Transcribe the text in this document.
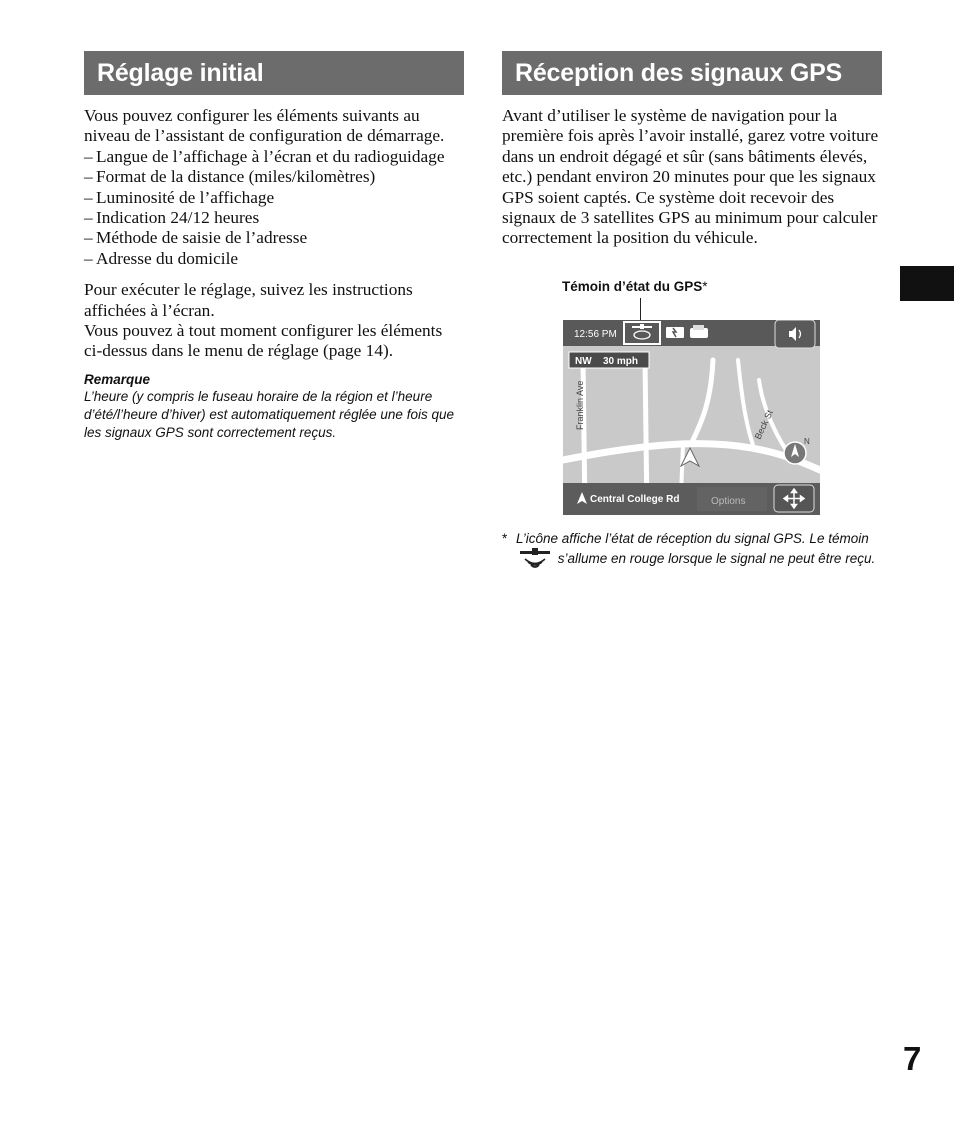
Réglage initial

Vous pouvez configurer les éléments suivants au niveau de l’assistant de configuration de démarrage.

– Langue de l’affichage à l’écran et du radioguidage
– Format de la distance (miles/kilomètres)
– Luminosité de l’affichage
– Indication 24/12 heures
– Méthode de saisie de l’adresse
– Adresse du domicile

Pour exécuter le réglage, suivez les instructions affichées à l’écran.

Vous pouvez à tout moment configurer les éléments ci-dessus dans le menu de réglage (page 14).

Remarque

L’heure (y compris le fuseau horaire de la région et l’heure d’été/l’heure d’hiver) est automatiquement réglée une fois que les signaux GPS sont correctement reçus.

Réception des signaux GPS

Avant d’utiliser le système de navigation pour la première fois après l’avoir installé, garez votre voiture dans un endroit dégagé et sûr (sans bâtiments élevés, etc.) pendant environ 20 minutes pour que les signaux GPS soient captés. Ce système doit recevoir des signaux de 3 satellites GPS au minimum pour calculer correctement la position du véhicule.

Témoin d’état du GPS*
12:56 PM
NW 30 mph
Franklin Ave	Beck St
N
Central College Rd	Options
* L’icône affiche l’état de réception du signal GPS. Le témoin  s’allume en rouge lorsque le signal ne peut être reçu.
7
